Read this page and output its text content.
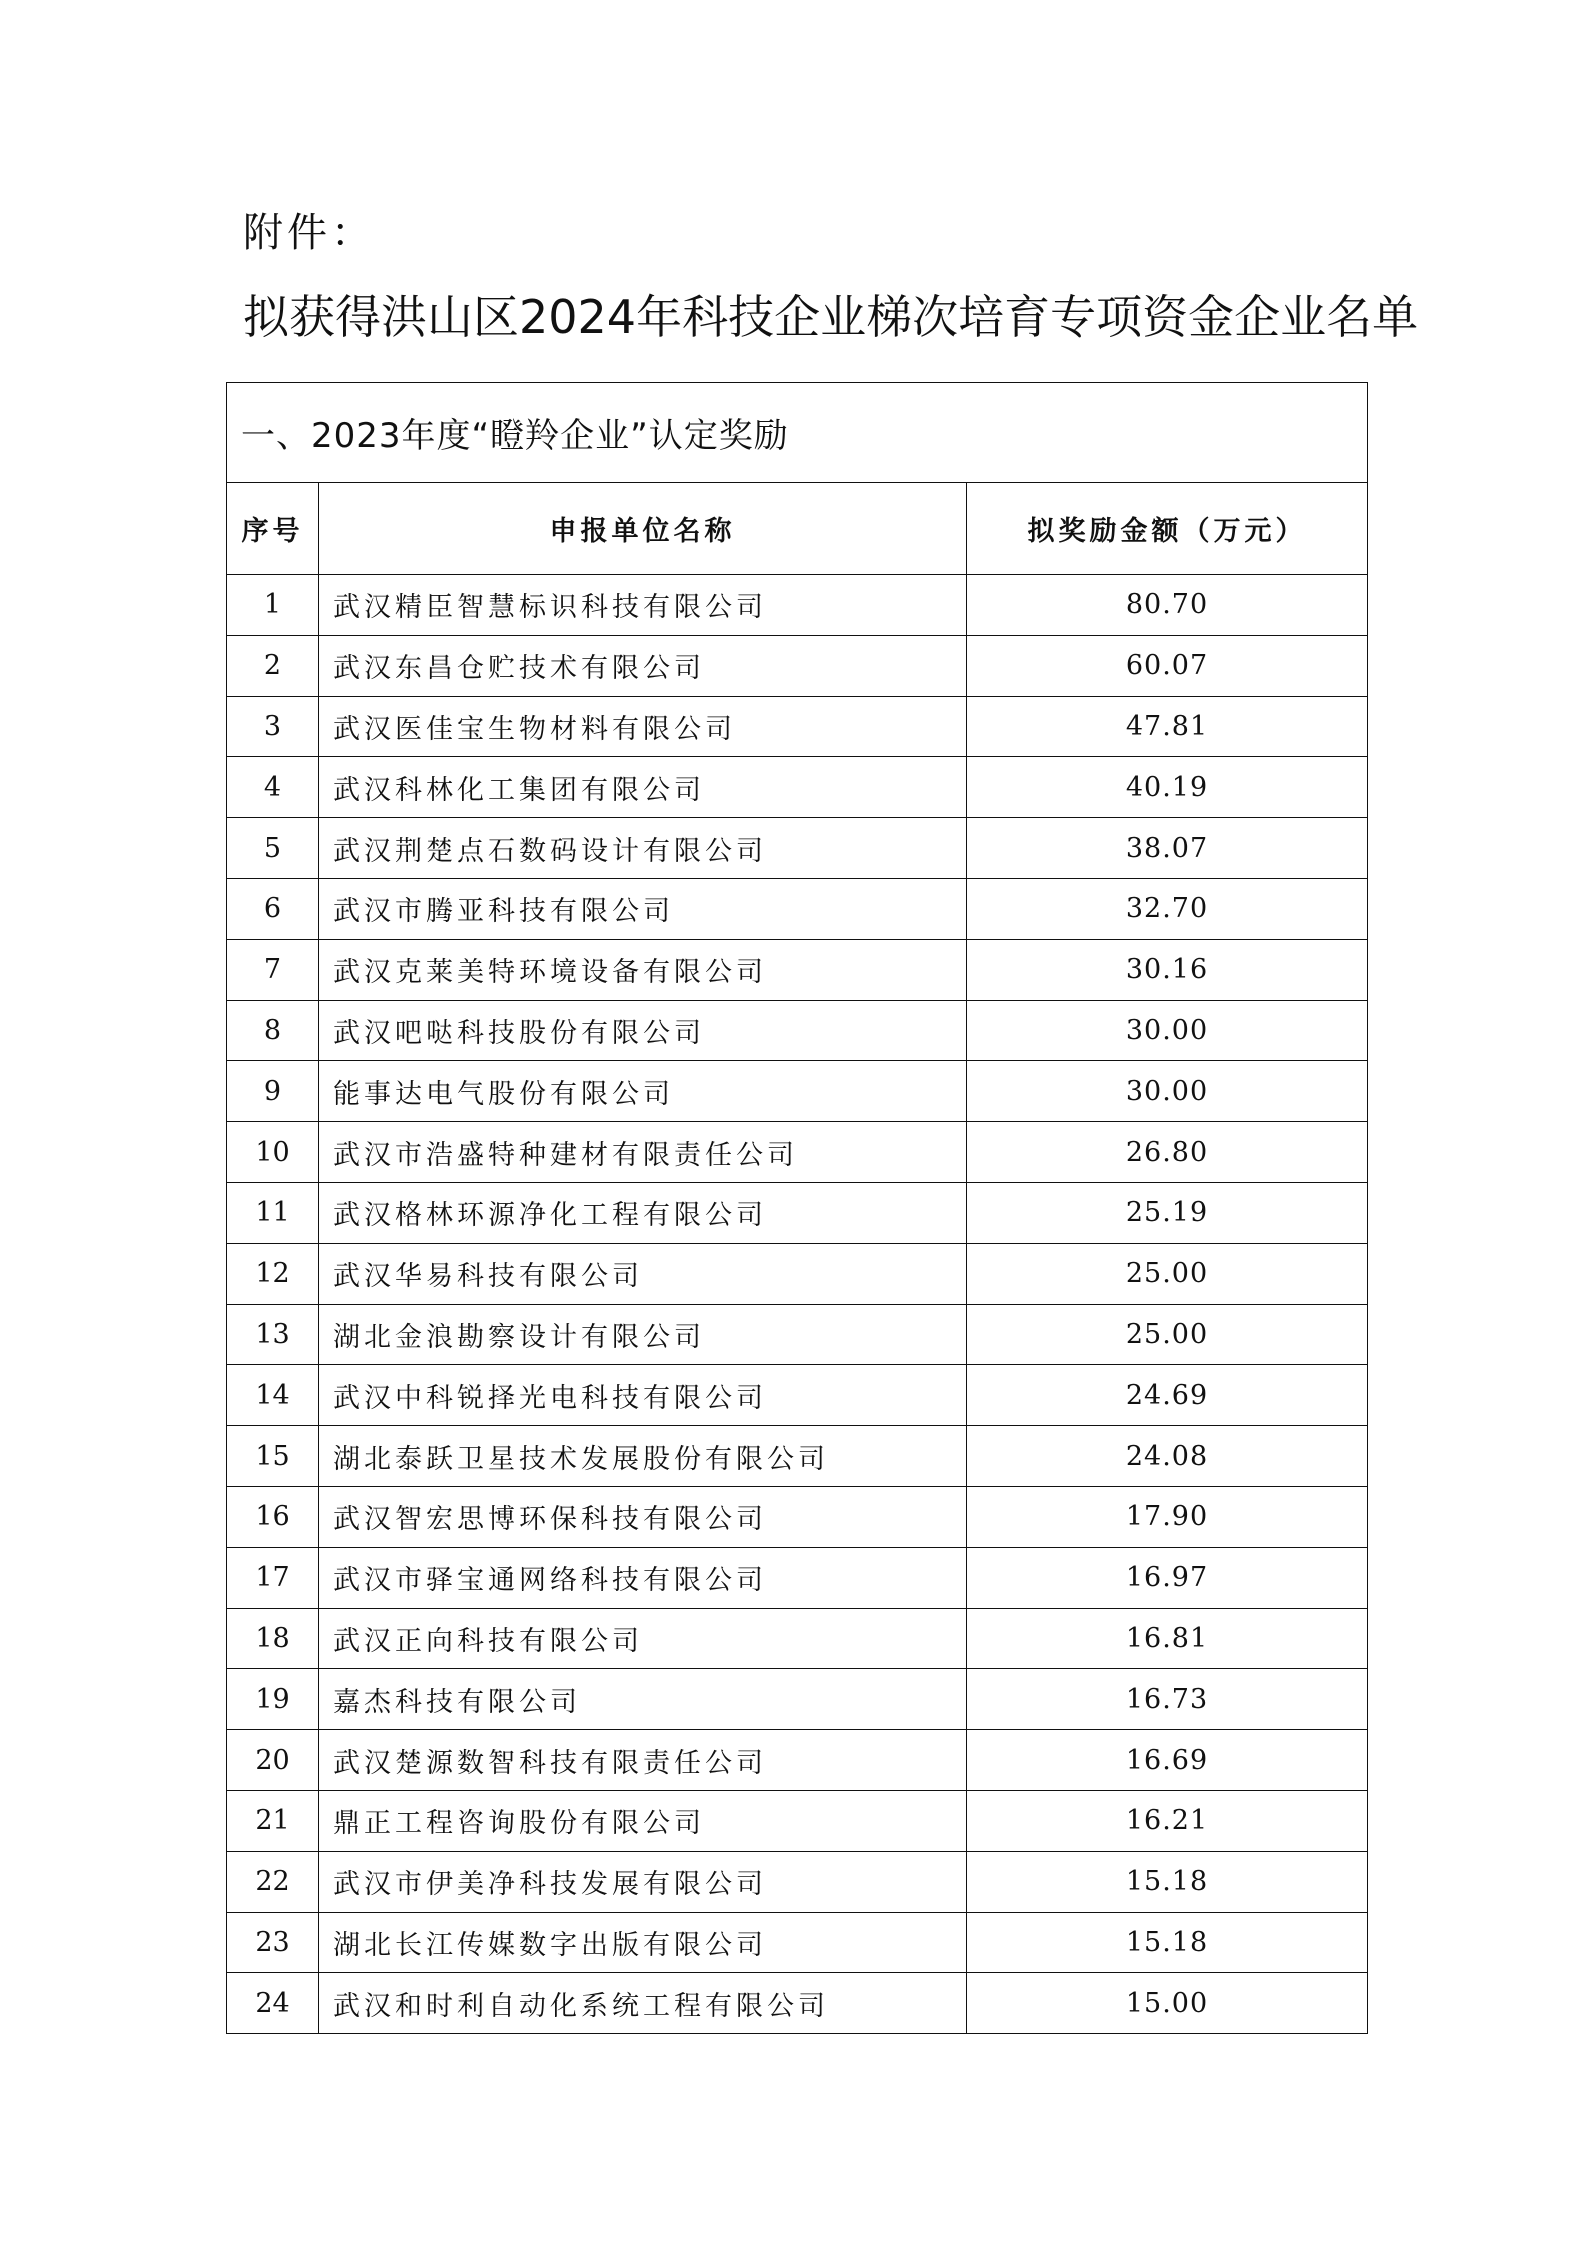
附件：
拟获得洪山区2024年科技企业梯次培育专项资金企业名单
一、2023年度“瞪羚企业”认定奖励		
序号	申报单位名称	拟奖励金额（万元）
1	武汉精臣智慧标识科技有限公司	80.70
2	武汉东昌仓贮技术有限公司	60.07
3	武汉医佳宝生物材料有限公司	47.81
4	武汉科林化工集团有限公司	40.19
5	武汉荆楚点石数码设计有限公司	38.07
6	武汉市腾亚科技有限公司	32.70
7	武汉克莱美特环境设备有限公司	30.16
8	武汉吧哒科技股份有限公司	30.00
9	能事达电气股份有限公司	30.00
10	武汉市浩盛特种建材有限责任公司	26.80
11	武汉格林环源净化工程有限公司	25.19
12	武汉华易科技有限公司	25.00
13	湖北金浪勘察设计有限公司	25.00
14	武汉中科锐择光电科技有限公司	24.69
15	湖北泰跃卫星技术发展股份有限公司	24.08
16	武汉智宏思博环保科技有限公司	17.90
17	武汉市驿宝通网络科技有限公司	16.97
18	武汉正向科技有限公司	16.81
19	嘉杰科技有限公司	16.73
20	武汉楚源数智科技有限责任公司	16.69
21	鼎正工程咨询股份有限公司	16.21
22	武汉市伊美净科技发展有限公司	15.18
23	湖北长江传媒数字出版有限公司	15.18
24	武汉和时利自动化系统工程有限公司	15.00
